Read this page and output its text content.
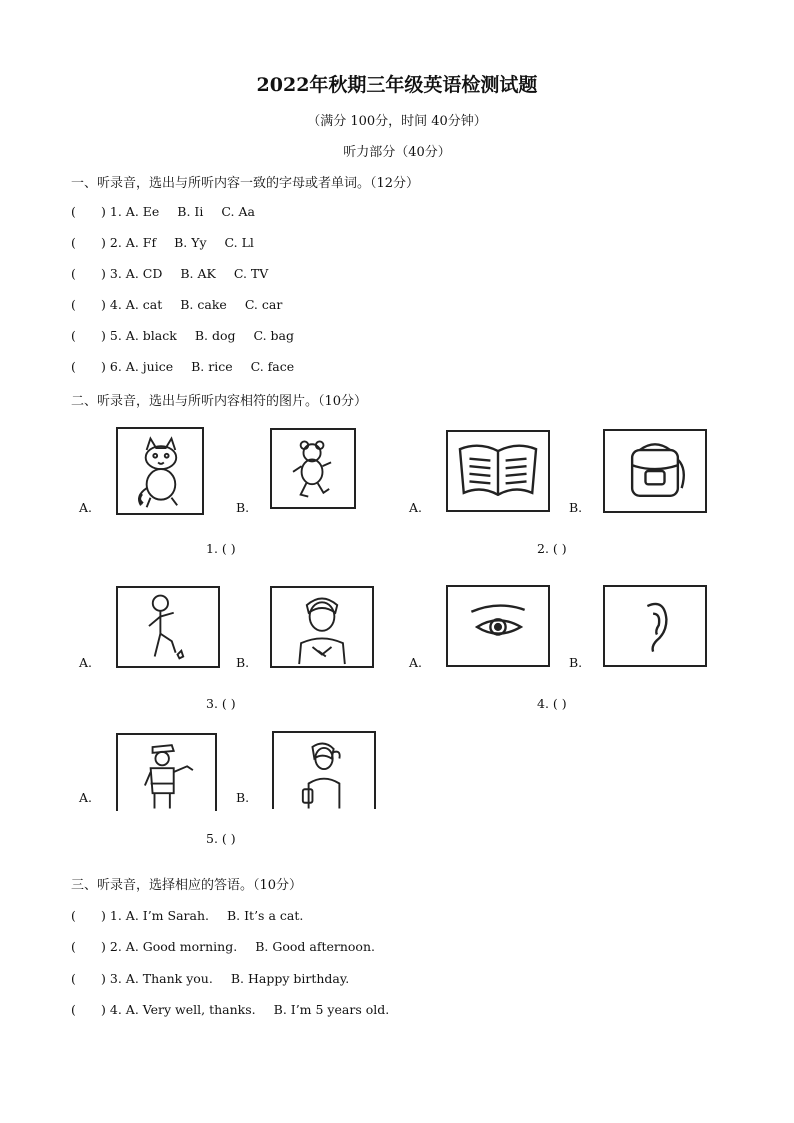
2022年秋期三年级英语检测试题
（满分 100分，时间 40分钟）
听力部分（40分）
一、听录音，选出与所听内容一致的字母或者单词。（12分）
( ) 1. A. Ee B. Ii C. Aa
( ) 2. A. Ff B. Yy C. Ll
( ) 3. A. CD B. AK C. TV
( ) 4. A. cat B. cake C. car
( ) 5. A. black B. dog C. bag
( ) 6. A. juice B. rice C. face
二、听录音，选出与所听内容相符的图片。（10分）
A.	B.	A.	B.
1. ( )	2. ( )
A.	B.	A.	B.
3. ( )	4. ( )
A.	B.
5. ( )
三、听录音，选择相应的答语。（10分）
( ) 1. A. I’m Sarah. B. It’s a cat.
( ) 2. A. Good morning. B. Good afternoon.
( ) 3. A. Thank you. B. Happy birthday.
( ) 4. A. Very well, thanks. B. I’m 5 years old.
